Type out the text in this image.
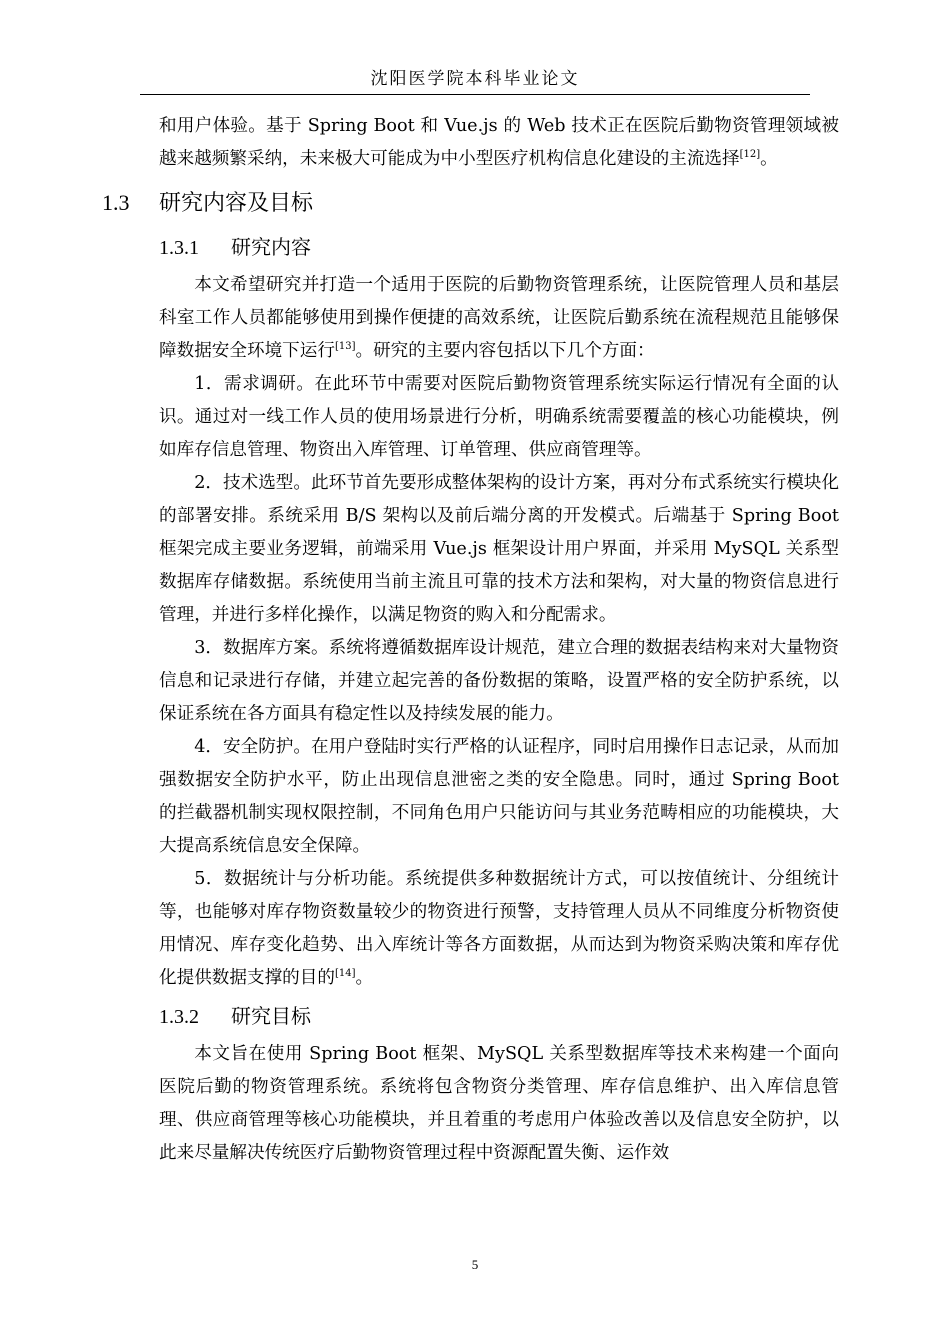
沈阳医学院本科毕业论文

和用户体验。基于 Spring Boot 和 Vue.js 的 Web 技术正在医院后勤物资管理领域被越来越频繁采纳，未来极大可能成为中小型医疗机构信息化建设的主流选择[12]。

1.3 研究内容及目标
1.3.1 研究内容

本文希望研究并打造一个适用于医院的后勤物资管理系统，让医院管理人员和基层科室工作人员都能够使用到操作便捷的高效系统，让医院后勤系统在流程规范且能够保障数据安全环境下运行[13]。研究的主要内容包括以下几个方面：

1．需求调研。在此环节中需要对医院后勤物资管理系统实际运行情况有全面的认识。通过对一线工作人员的使用场景进行分析，明确系统需要覆盖的核心功能模块，例如库存信息管理、物资出入库管理、订单管理、供应商管理等。

2．技术选型。此环节首先要形成整体架构的设计方案，再对分布式系统实行模块化的部署安排。系统采用 B/S 架构以及前后端分离的开发模式。后端基于 Spring Boot 框架完成主要业务逻辑，前端采用 Vue.js 框架设计用户界面，并采用 MySQL 关系型数据库存储数据。系统使用当前主流且可靠的技术方法和架构，对大量的物资信息进行管理，并进行多样化操作，以满足物资的购入和分配需求。

3．数据库方案。系统将遵循数据库设计规范，建立合理的数据表结构来对大量物资信息和记录进行存储，并建立起完善的备份数据的策略，设置严格的安全防护系统，以保证系统在各方面具有稳定性以及持续发展的能力。

4．安全防护。在用户登陆时实行严格的认证程序，同时启用操作日志记录，从而加强数据安全防护水平，防止出现信息泄密之类的安全隐患。同时，通过 Spring Boot 的拦截器机制实现权限控制，不同角色用户只能访问与其业务范畴相应的功能模块，大大提高系统信息安全保障。

5．数据统计与分析功能。系统提供多种数据统计方式，可以按值统计、分组统计等，也能够对库存物资数量较少的物资进行预警，支持管理人员从不同维度分析物资使用情况、库存变化趋势、出入库统计等各方面数据，从而达到为物资采购决策和库存优化提供数据支撑的目的[14]。

1.3.2 研究目标

本文旨在使用 Spring Boot 框架、MySQL 关系型数据库等技术来构建一个面向医院后勤的物资管理系统。系统将包含物资分类管理、库存信息维护、出入库信息管理、供应商管理等核心功能模块，并且着重的考虑用户体验改善以及信息安全防护，以此来尽量解决传统医疗后勤物资管理过程中资源配置失衡、运作效

5
